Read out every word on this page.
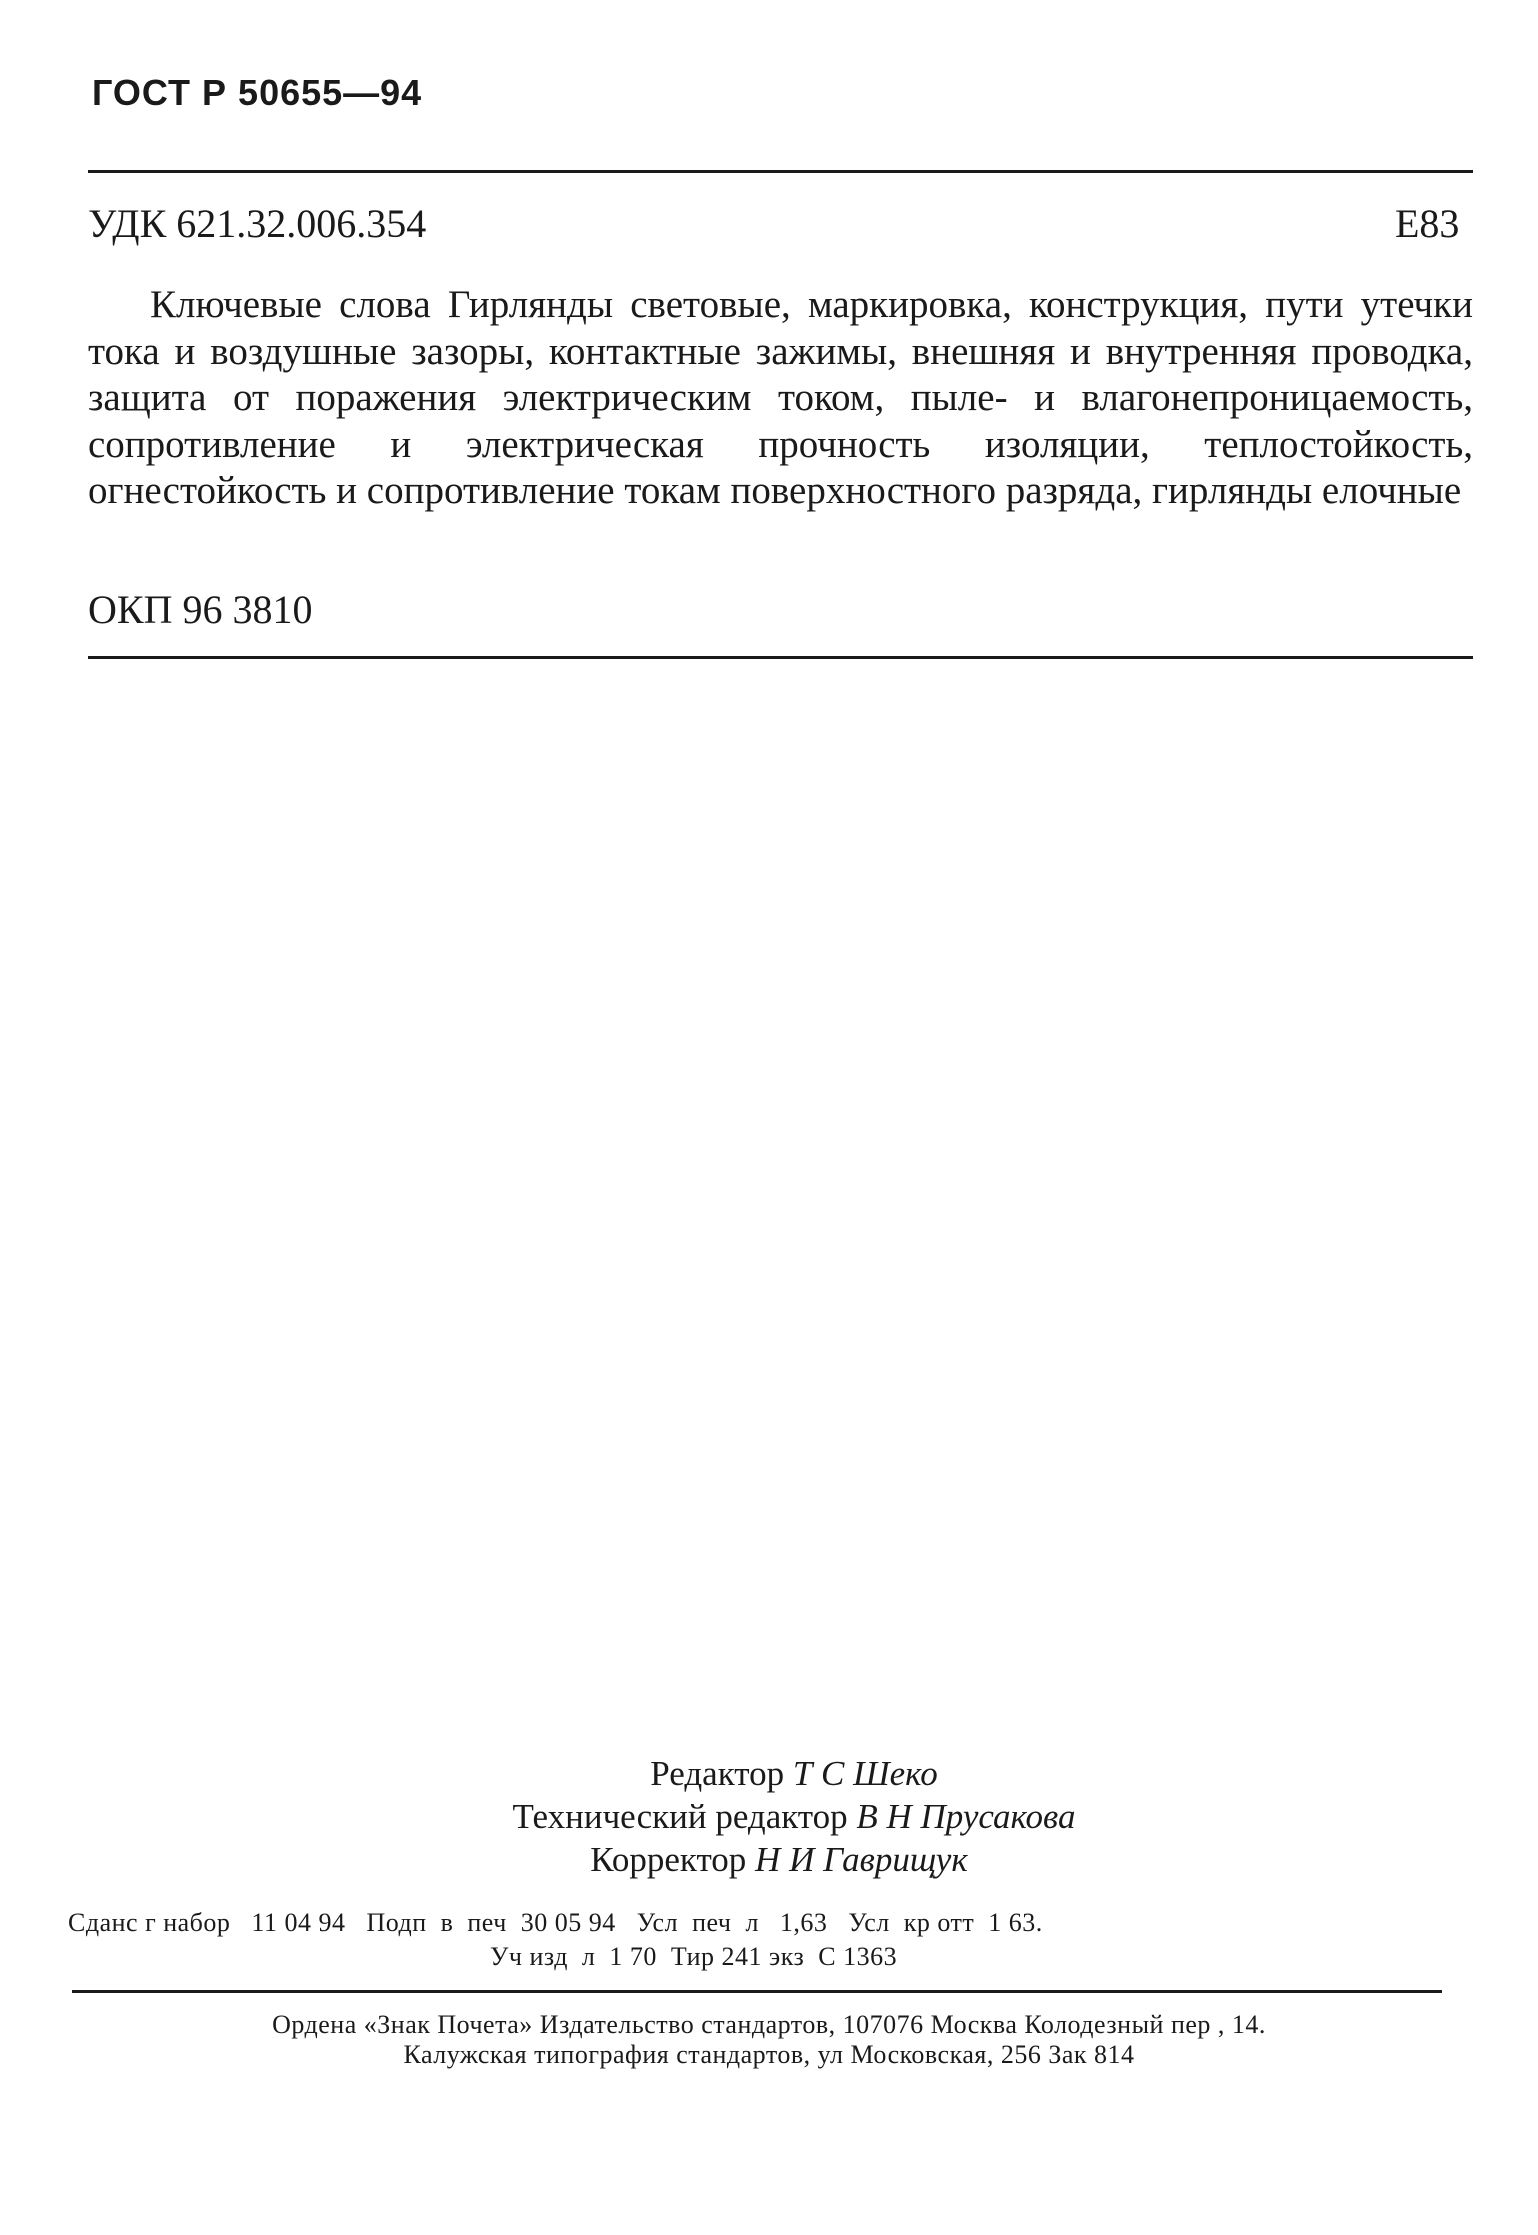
ГОСТ Р 50655—94
УДК 621.32.006.354	Е83
Ключевые слова Гирлянды световые, маркировка, конструкция, пути утечки тока и воздушные зазоры, контактные зажимы, внешняя и внутренняя проводка, защита от поражения электрическим током, пыле- и влагонепроницаемость, сопротивление и электрическая прочность изоляции, теплостойкость, огнестойкость и сопротивление токам поверхностного разряда, гирлянды елочные
ОКП 96 3810
Редактор Т С Шеко
Технический редактор В Н Прусакова
Корректор Н И Гаврищук
Сданс г набор   11 04 94   Подп  в  печ  30 05 94   Усл  печ  л   1,63   Усл  кр отт  1 63.
Уч изд  л  1 70  Тир 241 экз  С 1363
Ордена «Знак Почета» Издательство стандартов, 107076 Москва Колодезный пер , 14.
Калужская типография стандартов, ул Московская, 256 Зак 814
